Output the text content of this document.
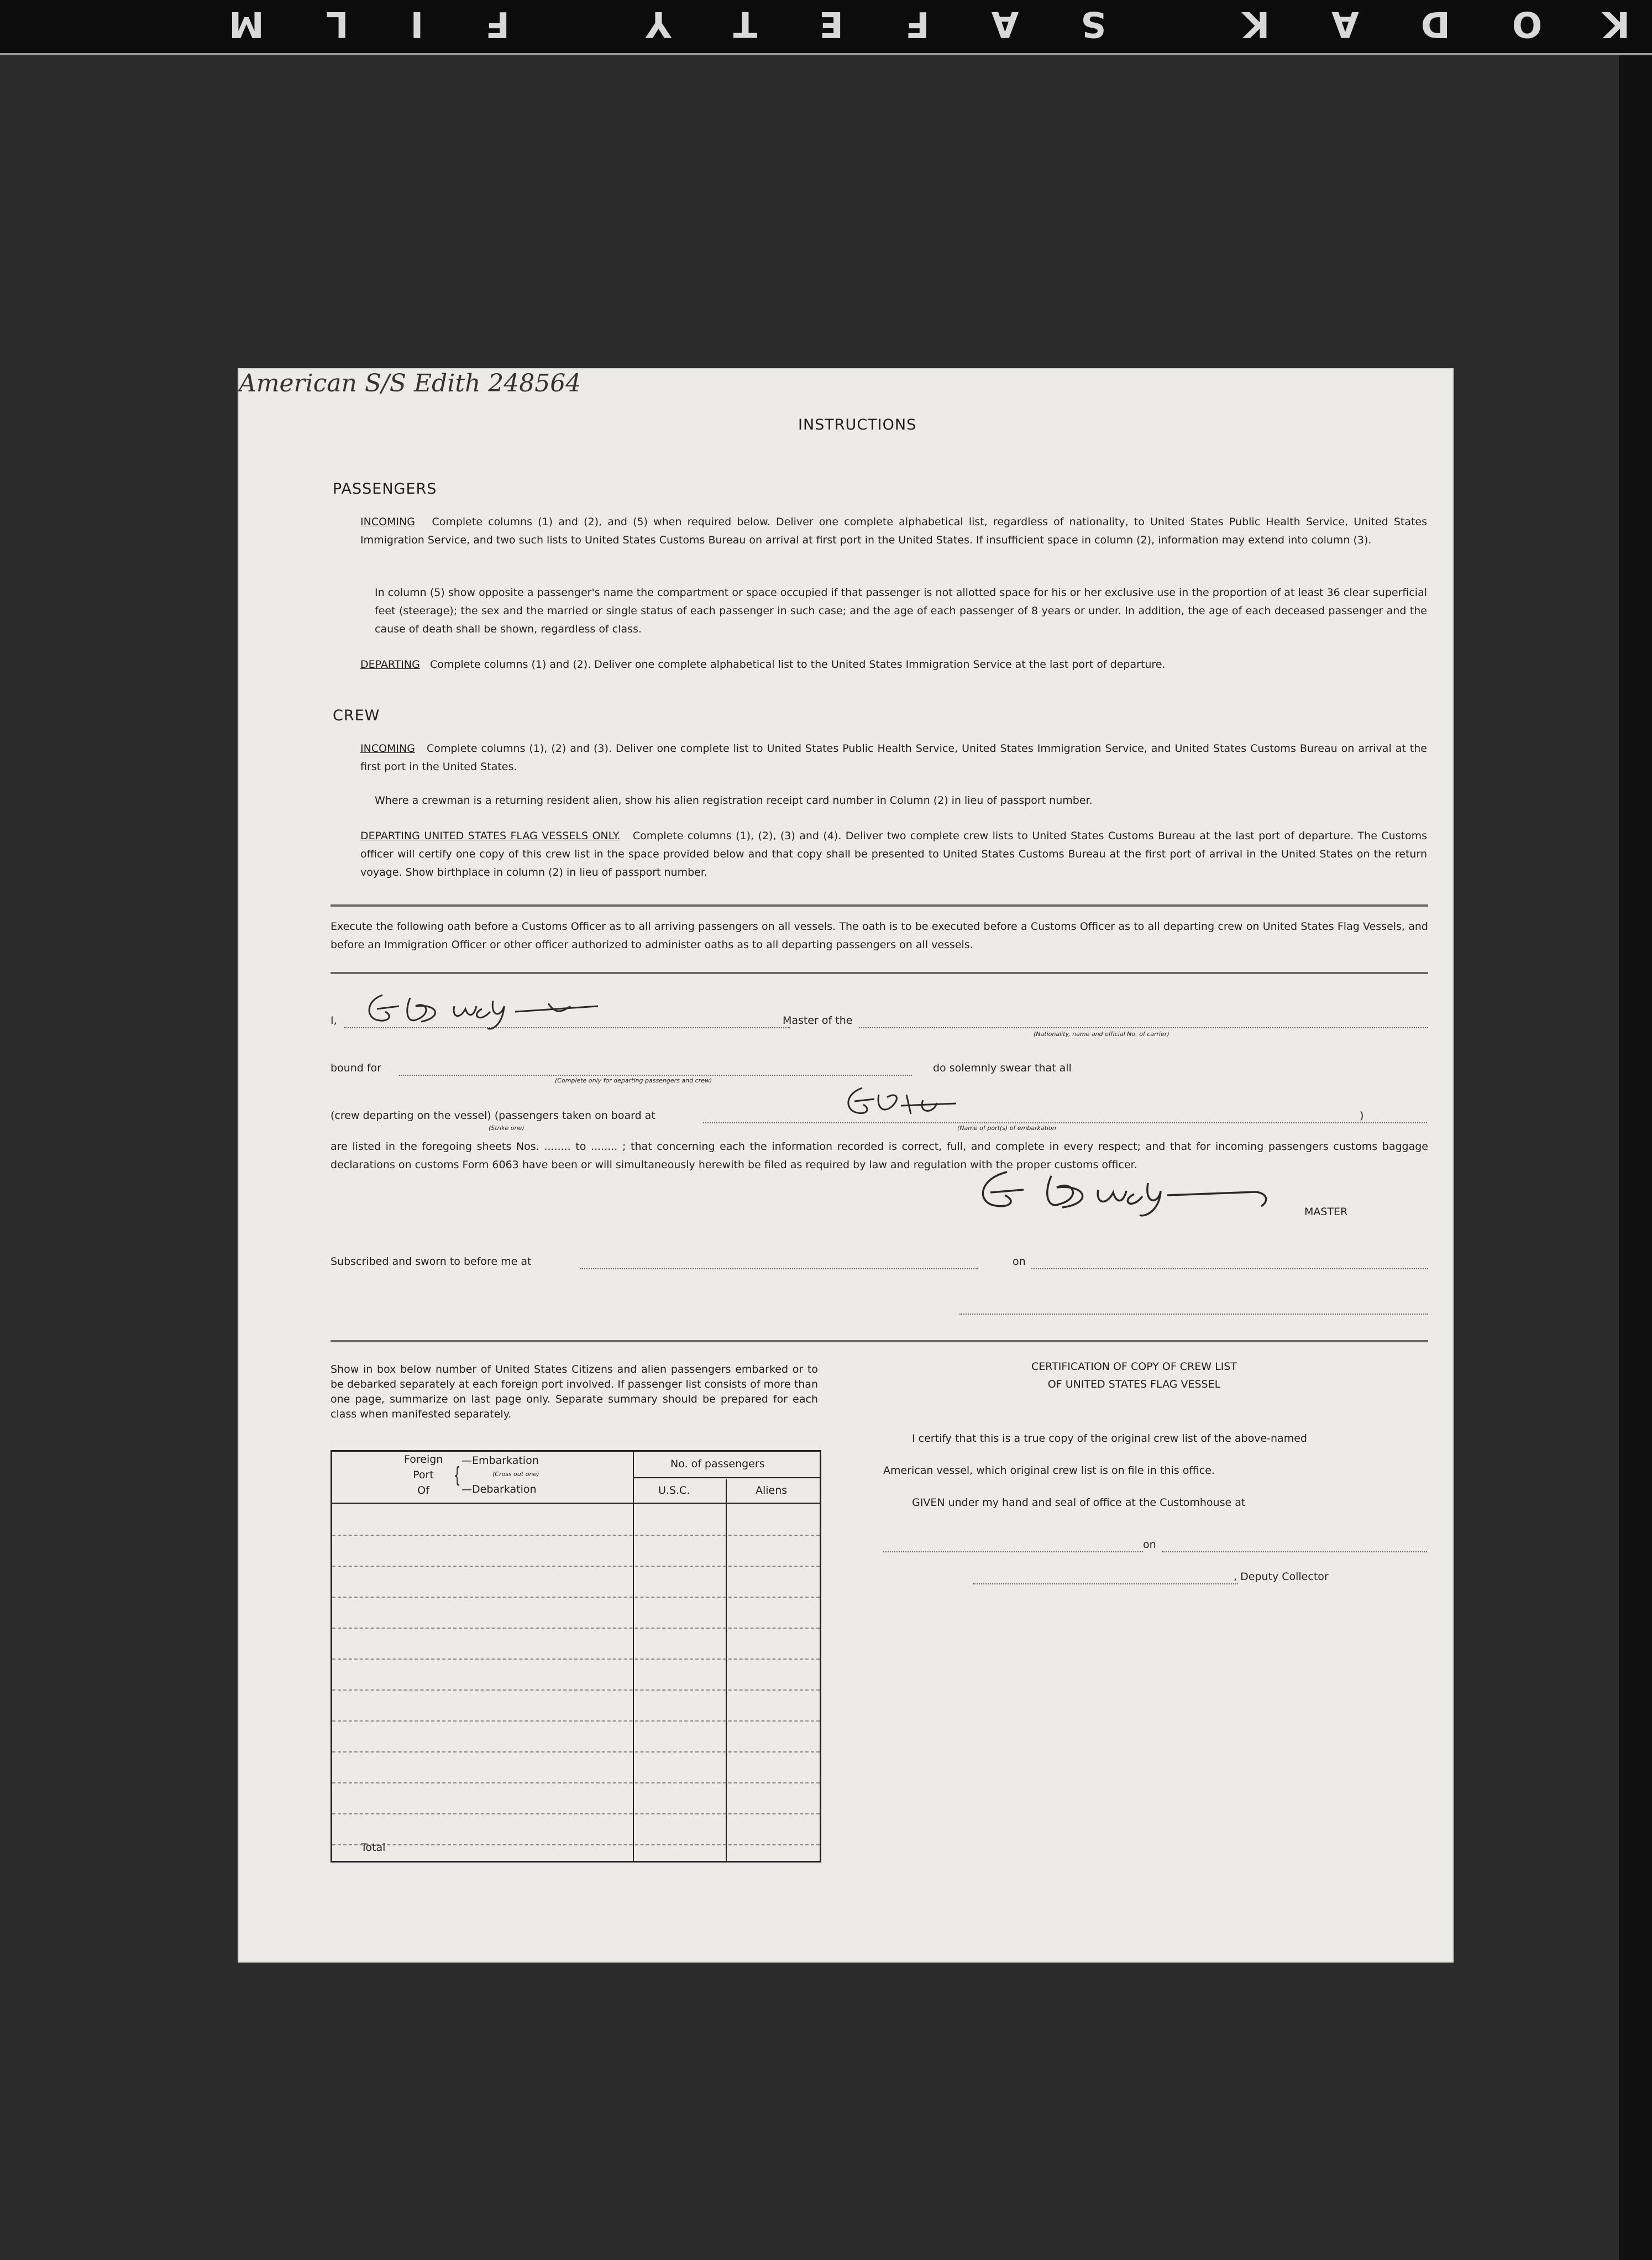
KODAK SAFETY FILM
INSTRUCTIONS
PASSENGERS
INCOMING Complete columns (1) and (2), and (5) when required below. Deliver one complete alphabetical list, regardless of nationality, to United States Public Health Service, United States Immigration Service, and two such lists to United States Customs Bureau on arrival at first port in the United States. If insufficient space in column (2), information may extend into column (3).
In column (5) show opposite a passenger's name the compartment or space occupied if that passenger is not allotted space for his or her exclusive use in the proportion of at least 36 clear superficial feet (steerage); the sex and the married or single status of each passenger in such case; and the age of each passenger of 8 years or under. In addition, the age of each deceased passenger and the cause of death shall be shown, regardless of class.
DEPARTING Complete columns (1) and (2). Deliver one complete alphabetical list to the United States Immigration Service at the last port of departure.
CREW
INCOMING Complete columns (1), (2) and (3). Deliver one complete list to United States Public Health Service, United States Immigration Service, and United States Customs Bureau on arrival at the first port in the United States.
Where a crewman is a returning resident alien, show his alien registration receipt card number in Column (2) in lieu of passport number.
DEPARTING UNITED STATES FLAG VESSELS ONLY. Complete columns (1), (2), (3) and (4). Deliver two complete crew lists to United States Customs Bureau at the last port of departure. The Customs officer will certify one copy of this crew list in the space provided below and that copy shall be presented to United States Customs Bureau at the first port of arrival in the United States on the return voyage. Show birthplace in column (2) in lieu of passport number.
Execute the following oath before a Customs Officer as to all arriving passengers on all vessels. The oath is to be executed before a Customs Officer as to all departing crew on United States Flag Vessels, and before an Immigration Officer or other officer authorized to administer oaths as to all departing passengers on all vessels.
I,	Master of the
American S/S Edith 248564
(Nationality, name and official No. of carrier)
bound for
(Complete only for departing passengers and crew)
do solemnly swear that all
(crew departing on the vessel) (passengers taken on board at
(Strike one)	(Name of port(s) of embarkation
)
are listed in the foregoing sheets Nos. ........ to ........ ; that concerning each the information recorded is correct, full, and complete in every respect; and that for incoming passengers customs baggage declarations on customs Form 6063 have been or will simultaneously herewith be filed as required by law and regulation with the proper customs officer.
MASTER
Subscribed and sworn to before me at	on
Show in box below number of United States Citizens and alien passengers embarked or to be debarked separately at each foreign port involved. If passenger list consists of more than one page, summarize on last page only. Separate summary should be prepared for each class when manifested separately.
Foreign
Port
Of
{
—Embarkation
(Cross out one)
—Debarkation
No. of passengers
U.S.C.	Aliens
Total
CERTIFICATION OF COPY OF CREW LIST
OF UNITED STATES FLAG VESSEL
I certify that this is a true copy of the original crew list of the above-named
American vessel, which original crew list is on file in this office.
GIVEN under my hand and seal of office at the Customhouse at
on
, Deputy Collector
